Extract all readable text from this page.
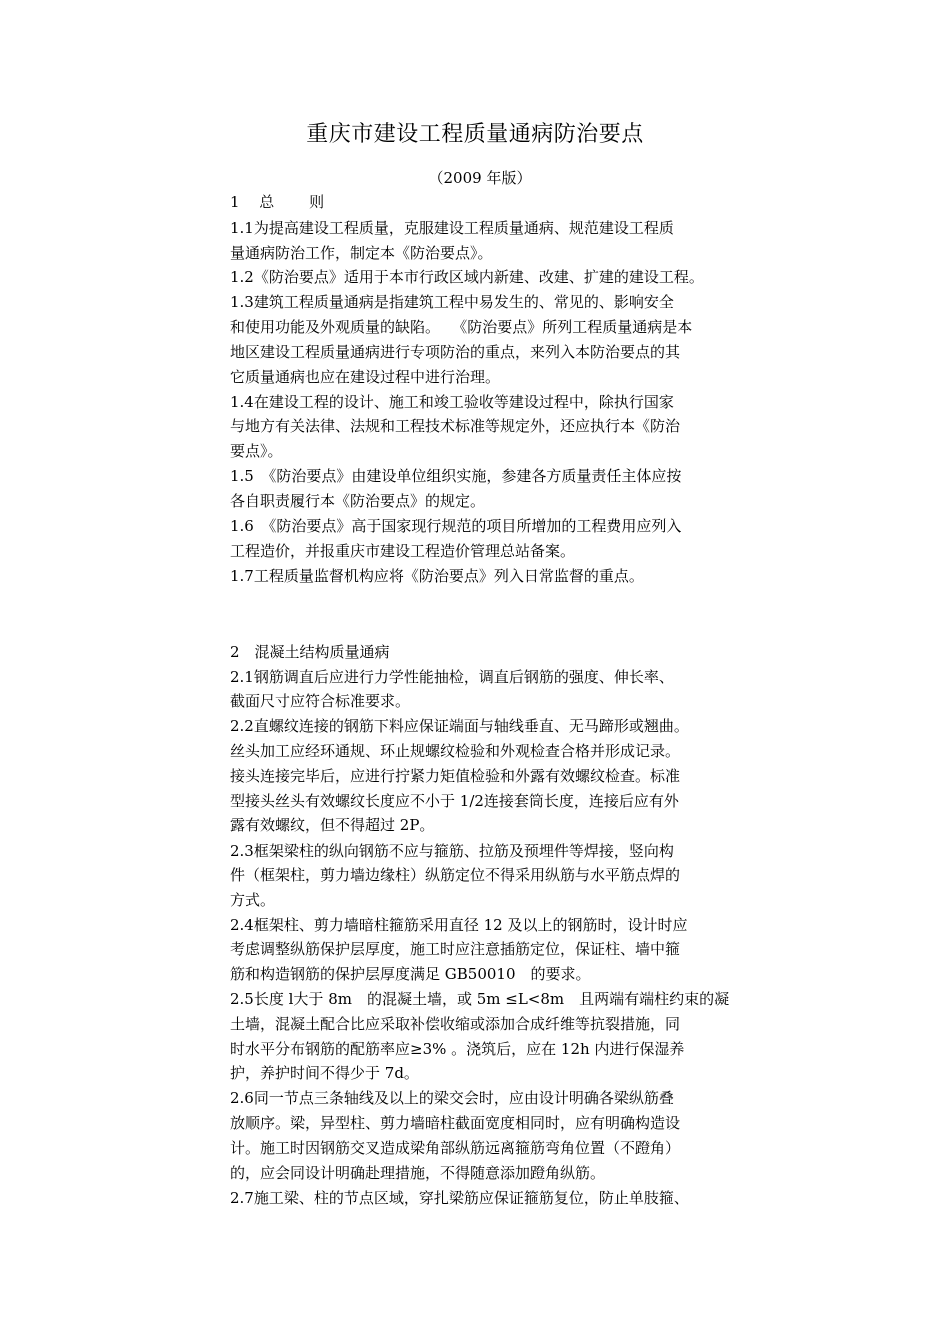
重庆市建设工程质量通病防治要点
（2009 年版）
1　 总　　 则
1.1为提高建设工程质量，克服建设工程质量通病、规范建设工程质
量通病防治工作，制定本《防治要点》。
1.2《防治要点》适用于本市行政区域内新建、改建、扩建的建设工程。
1.3建筑工程质量通病是指建筑工程中易发生的、常见的、影响安全
和使用功能及外观质量的缺陷。　 《防治要点》所列工程质量通病是本
地区建设工程质量通病进行专项防治的重点，来列入本防治要点的其
它质量通病也应在建设过程中进行治理。
1.4在建设工程的设计、施工和竣工验收等建设过程中，除执行国家
与地方有关法律、法规和工程技术标准等规定外，还应执行本《防治
要点》。
1.5　《防治要点》由建设单位组织实施，参建各方质量责任主体应按
各自职责履行本《防治要点》的规定。
1.6　《防治要点》高于国家现行规范的项目所增加的工程费用应列入
工程造价，并报重庆市建设工程造价管理总站备案。
1.7工程质量监督机构应将《防治要点》列入日常监督的重点。
2　混凝土结构质量通病
2.1钢筋调直后应进行力学性能抽检，调直后钢筋的强度、伸长率、
截面尺寸应符合标准要求。
2.2直螺纹连接的钢筋下料应保证端面与轴线垂直、无马蹄形或翘曲。
丝头加工应经环通规、环止规螺纹检验和外观检查合格并形成记录。
接头连接完毕后，应进行拧紧力矩值检验和外露有效螺纹检查。标准
型接头丝头有效螺纹长度应不小于 1/2连接套筒长度，连接后应有外
露有效螺纹，但不得超过 2P。
2.3框架梁柱的纵向钢筋不应与箍筋、拉筋及预埋件等焊接，竖向构
件（框架柱，剪力墙边缘柱）纵筋定位不得采用纵筋与水平筋点焊的
方式。
2.4框架柱、剪力墙暗柱箍筋采用直径 12 及以上的钢筋时，设计时应
考虑调整纵筋保护层厚度，施工时应注意插筋定位，保证柱、墙中箍
筋和构造钢筋的保护层厚度满足 GB50010　的要求。
2.5长度 l大于 8m　的混凝土墙，或 5m ≤L<8m　且两端有端柱约束的凝
土墙，混凝土配合比应采取补偿收缩或添加合成纤维等抗裂措施，同
时水平分布钢筋的配筋率应≥3% 。浇筑后，应在 12h 内进行保湿养
护，养护时间不得少于 7d。
2.6同一节点三条轴线及以上的梁交会时，应由设计明确各梁纵筋叠
放顺序。梁，异型柱、剪力墙暗柱截面宽度相同时，应有明确构造设
计。施工时因钢筋交叉造成梁角部纵筋远离箍筋弯角位置（不蹬角）
的，应会同设计明确赴理措施，不得随意添加蹬角纵筋。
2.7施工梁、柱的节点区域，穿扎梁筋应保证箍筋复位，防止单肢箍、
